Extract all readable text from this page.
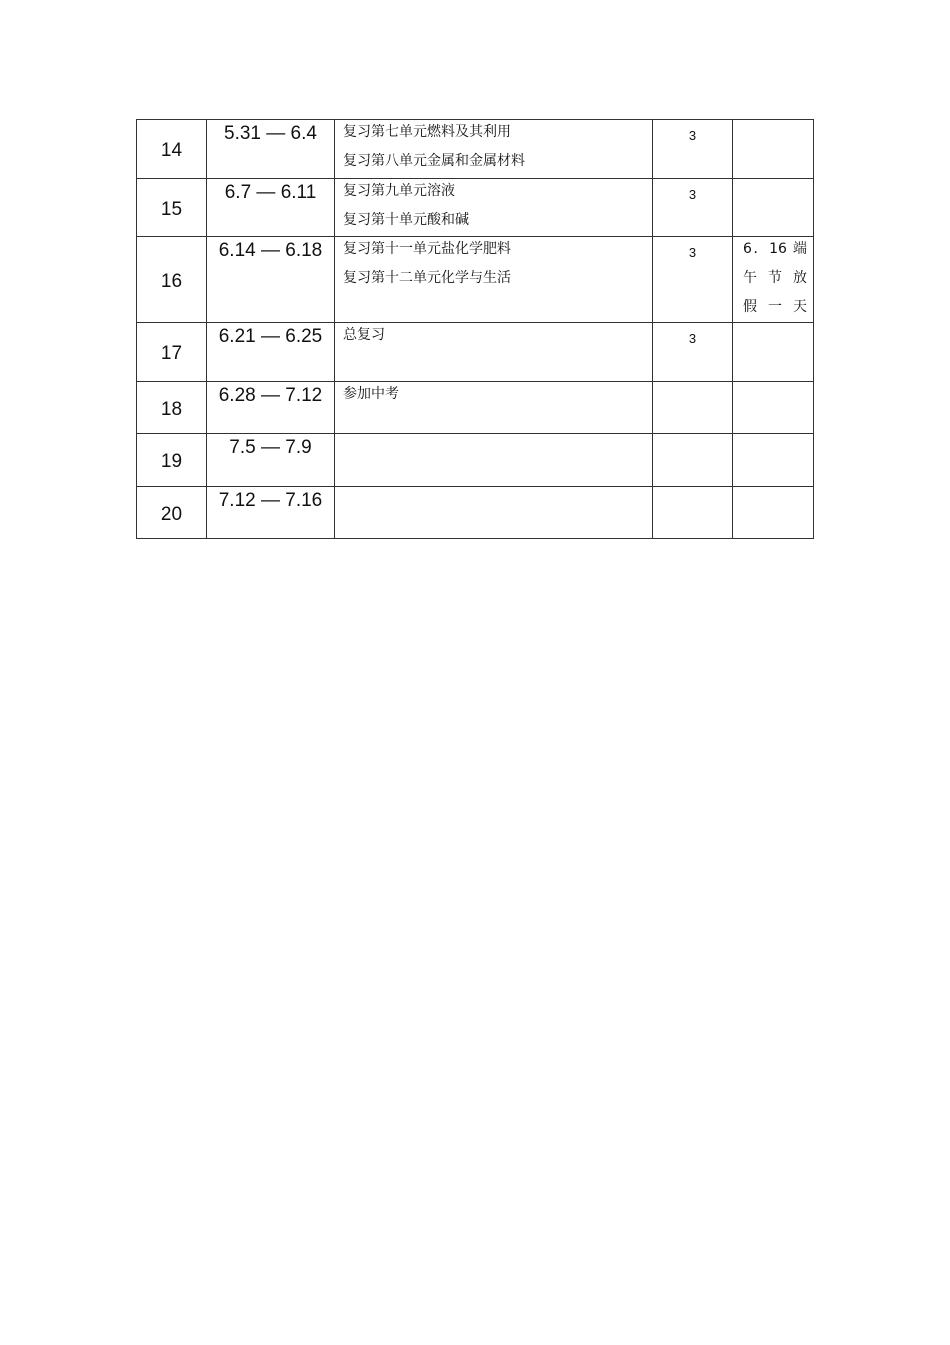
14	5.31 — 6.4	复习第七单元燃料及其利用
复习第八单元金属和金属材料	3	
15	6.7 — 6.11	复习第九单元溶液
复习第十单元酸和碱	3	
16	6.14 — 6.18	复习第十一单元盐化学肥料
复习第十二单元化学与生活	3	6．16 端
午 节 放
假一天

17	6.21 — 6.25	总复习	3	
18	6.28 — 7.12	参加中考		

19	7.5 — 7.9			
20	7.12 — 7.16			
